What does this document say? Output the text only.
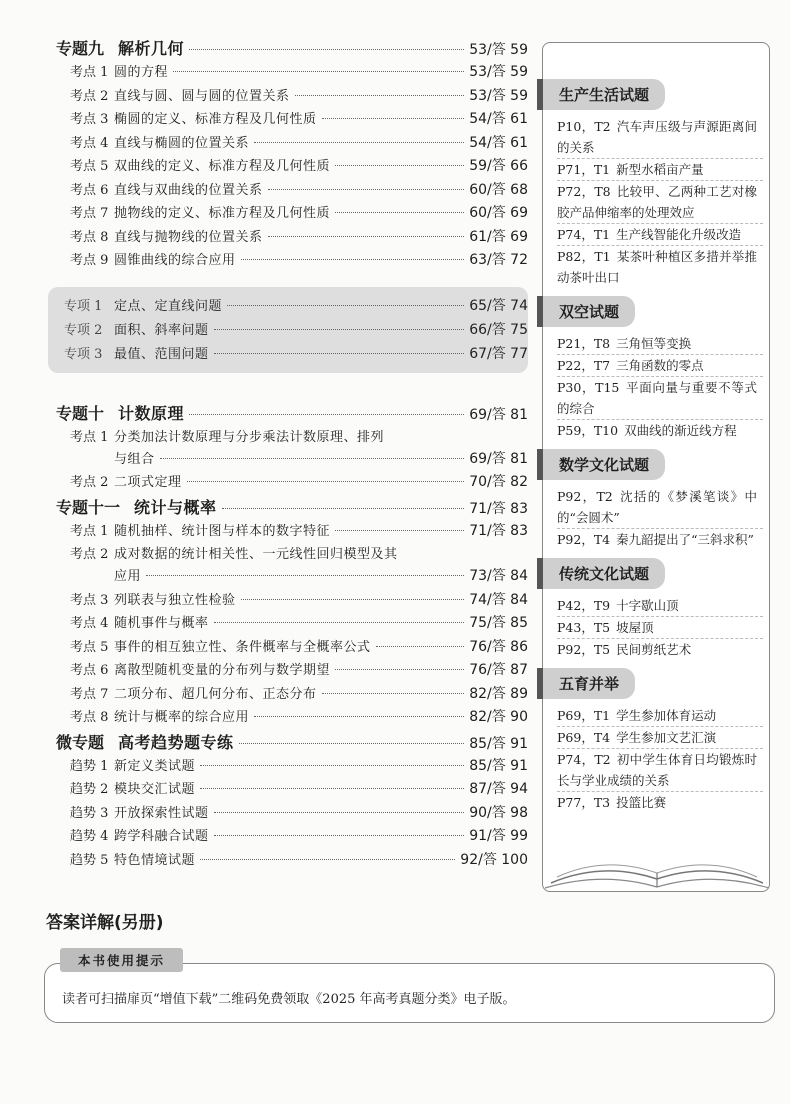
专题九 解析几何	53/答 59
考点 1 圆的方程	53/答 59
考点 2 直线与圆、圆与圆的位置关系	53/答 59
考点 3 椭圆的定义、标准方程及几何性质	54/答 61
考点 4 直线与椭圆的位置关系	54/答 61
考点 5 双曲线的定义、标准方程及几何性质	59/答 66
考点 6 直线与双曲线的位置关系	60/答 68
考点 7 抛物线的定义、标准方程及几何性质	60/答 69
考点 8 直线与抛物线的位置关系	61/答 69
考点 9 圆锥曲线的综合应用	63/答 72
专项 1 定点、定直线问题	65/答 74
专项 2 面积、斜率问题	66/答 75
专项 3 最值、范围问题	67/答 77
专题十 计数原理	69/答 81
考点 1 分类加法计数原理与分步乘法计数原理、排列
与组合	69/答 81
考点 2 二项式定理	70/答 82
专题十一 统计与概率	71/答 83
考点 1 随机抽样、统计图与样本的数字特征	71/答 83
考点 2 成对数据的统计相关性、一元线性回归模型及其
应用	73/答 84
考点 3 列联表与独立性检验	74/答 84
考点 4 随机事件与概率	75/答 85
考点 5 事件的相互独立性、条件概率与全概率公式	76/答 86
考点 6 离散型随机变量的分布列与数学期望	76/答 87
考点 7 二项分布、超几何分布、正态分布	82/答 89
考点 8 统计与概率的综合应用	82/答 90
微专题 高考趋势题专练	85/答 91
趋势 1 新定义类试题	85/答 91
趋势 2 模块交汇试题	87/答 94
趋势 3 开放探索性试题	90/答 98
趋势 4 跨学科融合试题	91/答 99
趋势 5 特色情境试题	92/答 100
生产生活试题
P10，T2 汽车声压级与声源距离间的关系
P71，T1 新型水稻亩产量
P72，T8 比较甲、乙两种工艺对橡胶产品伸缩率的处理效应
P74，T1 生产线智能化升级改造
P82，T1 某茶叶种植区多措并举推动茶叶出口
双空试题
P21，T8 三角恒等变换
P22，T7 三角函数的零点
P30，T15 平面向量与重要不等式的综合
P59，T10 双曲线的渐近线方程
数学文化试题
P92，T2 沈括的《梦溪笔谈》中的“会圆术”
P92，T4 秦九韶提出了“三斜求积”
传统文化试题
P42，T9 十字歇山顶
P43，T5 坡屋顶
P92，T5 民间剪纸艺术
五育并举
P69，T1 学生参加体育运动
P69，T4 学生参加文艺汇演
P74，T2 初中学生体育日均锻炼时长与学业成绩的关系
P77，T3 投篮比赛
答案详解(另册)
本书使用提示
读者可扫描扉页“增值下载”二维码免费领取《2025 年高考真题分类》电子版。
